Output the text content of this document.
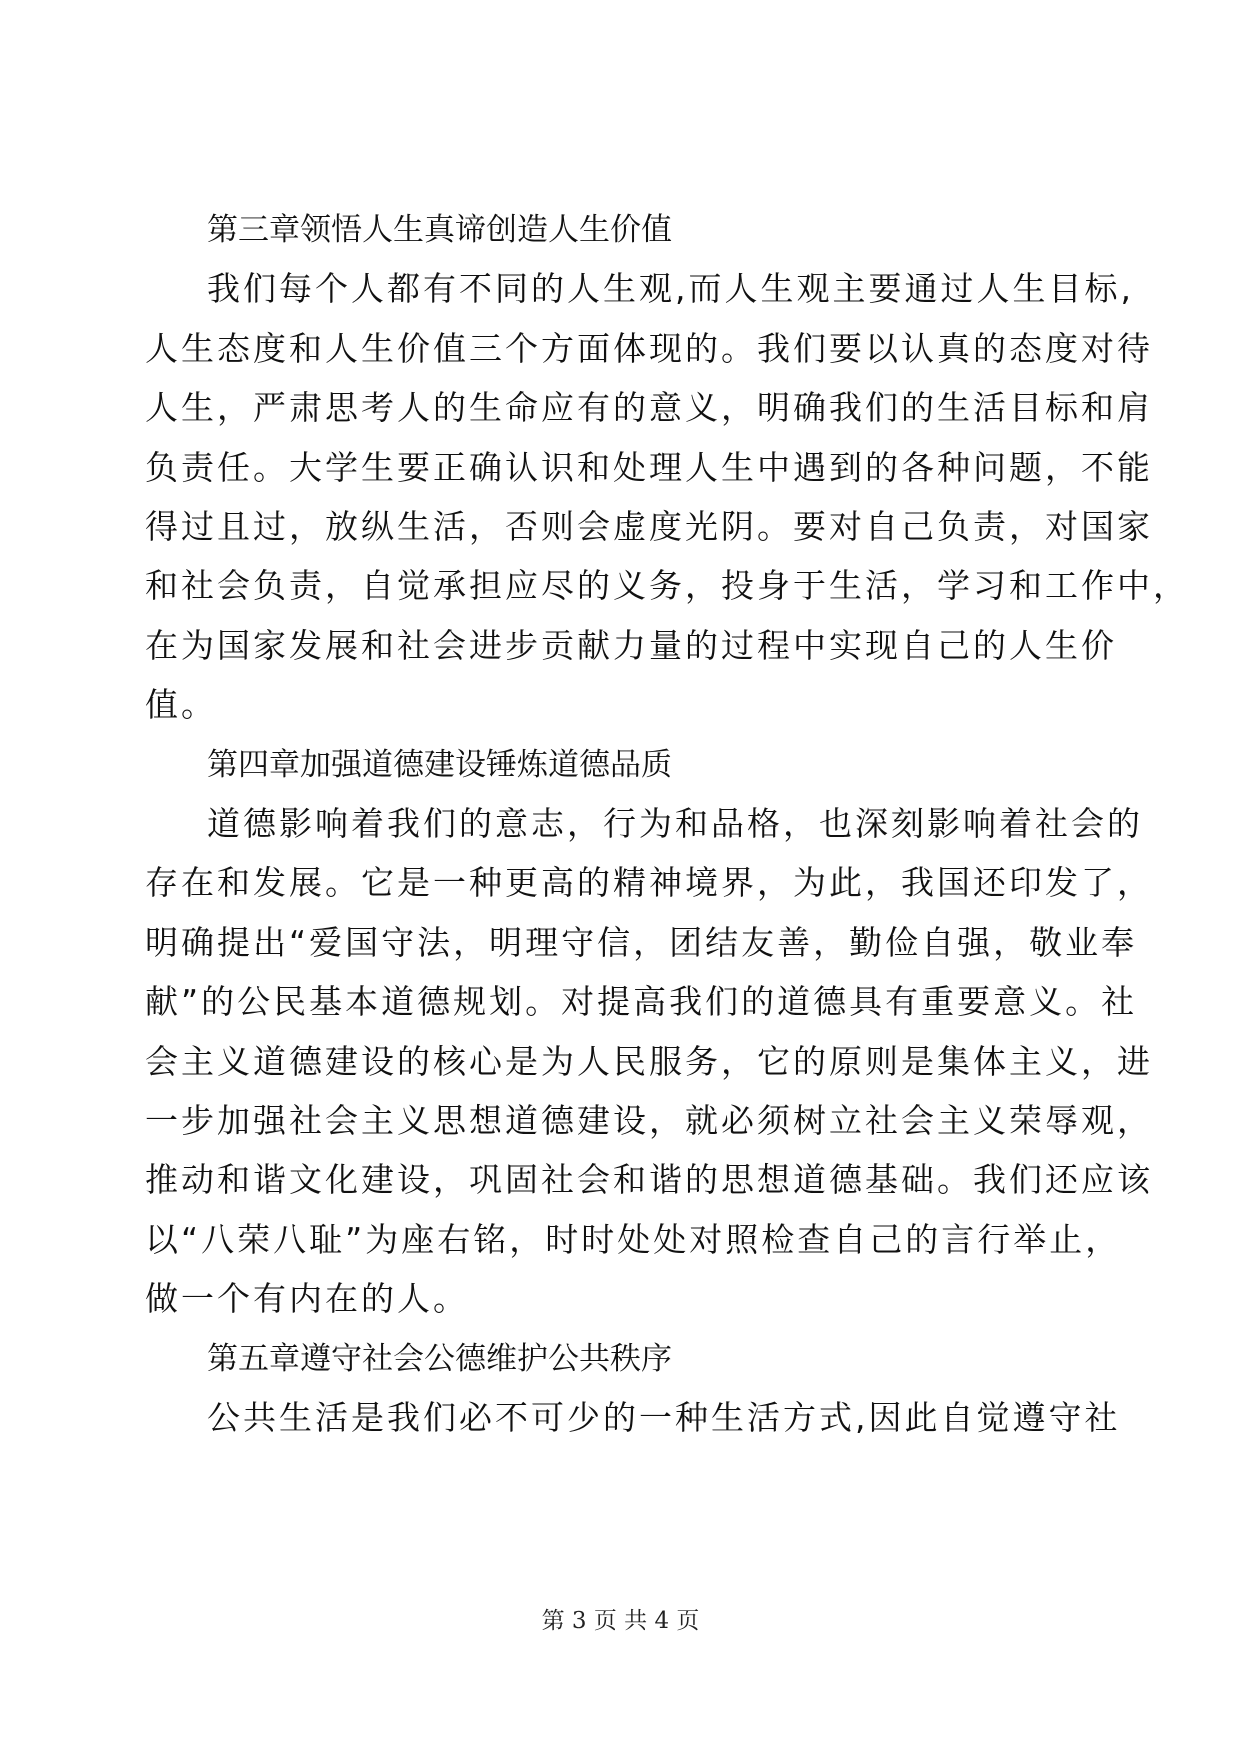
第三章领悟人生真谛创造人生价值
我们每个人都有不同的人生观,而人生观主要通过人生目标,
人生态度和人生价值三个方面体现的。我们要以认真的态度对待
人生，严肃思考人的生命应有的意义，明确我们的生活目标和肩
负责任。大学生要正确认识和处理人生中遇到的各种问题，不能
得过且过，放纵生活，否则会虚度光阴。要对自己负责，对国家
和社会负责，自觉承担应尽的义务，投身于生活，学习和工作中，
在为国家发展和社会进步贡献力量的过程中实现自己的人生价
值。
第四章加强道德建设锤炼道德品质
道德影响着我们的意志，行为和品格，也深刻影响着社会的
存在和发展。它是一种更高的精神境界，为此，我国还印发了，
明确提出“爱国守法，明理守信，团结友善，勤俭自强，敬业奉
献”的公民基本道德规划。对提高我们的道德具有重要意义。社
会主义道德建设的核心是为人民服务，它的原则是集体主义，进
一步加强社会主义思想道德建设，就必须树立社会主义荣辱观，
推动和谐文化建设，巩固社会和谐的思想道德基础。我们还应该
以“八荣八耻”为座右铭，时时处处对照检查自己的言行举止，
做一个有内在的人。
第五章遵守社会公德维护公共秩序
公共生活是我们必不可少的一种生活方式,因此自觉遵守社
第 3 页 共 4 页
